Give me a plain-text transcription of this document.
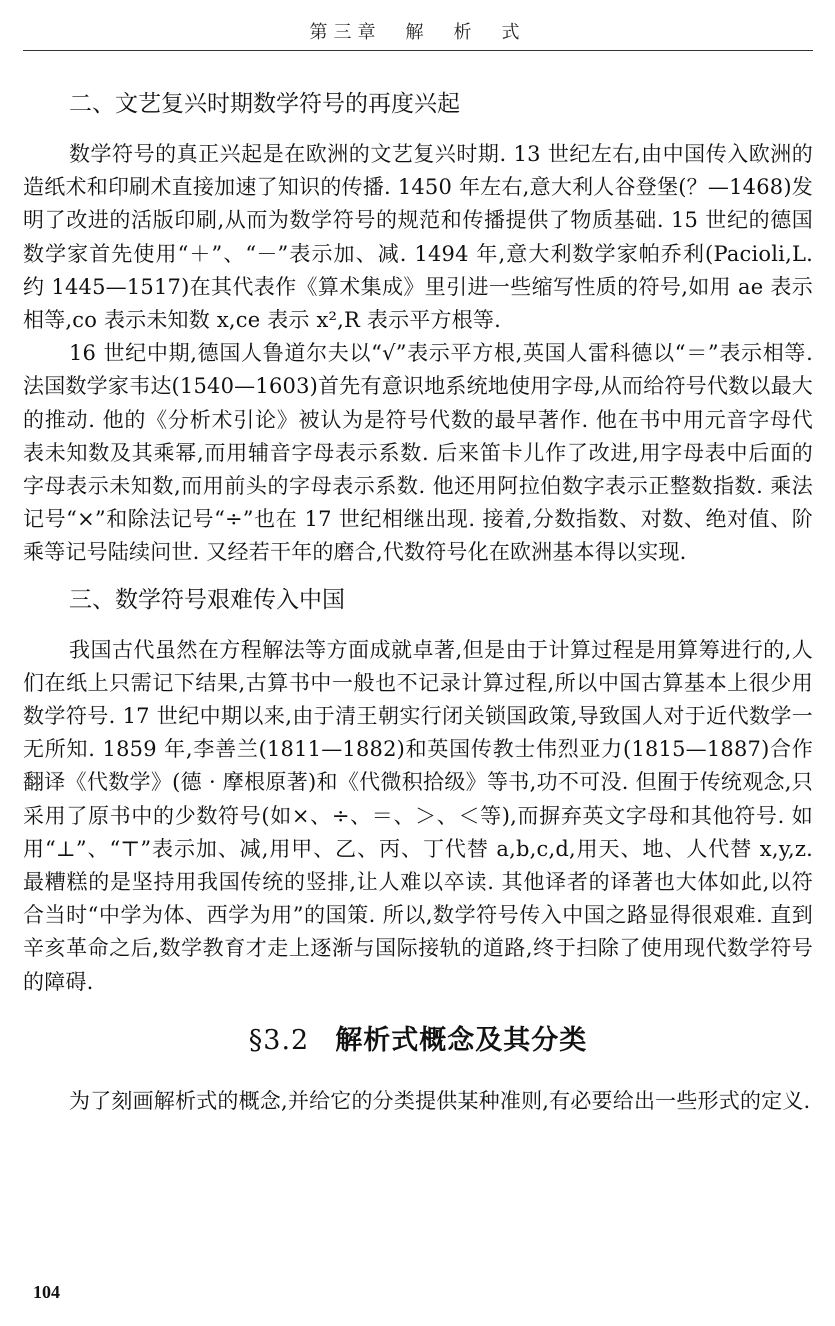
第三章　解　析　式
二、文艺复兴时期数学符号的再度兴起

数学符号的真正兴起是在欧洲的文艺复兴时期. 13 世纪左右,由中国传入欧洲的造纸术和印刷术直接加速了知识的传播. 1450 年左右,意大利人谷登堡(？—1468)发明了改进的活版印刷,从而为数学符号的规范和传播提供了物质基础. 15 世纪的德国数学家首先使用“＋”、“－”表示加、减. 1494 年,意大利数学家帕乔利(Pacioli,L. 约 1445—1517)在其代表作《算术集成》里引进一些缩写性质的符号,如用 ae 表示相等,co 表示未知数 x,ce 表示 x²,R 表示平方根等.

16 世纪中期,德国人鲁道尔夫以“√”表示平方根,英国人雷科德以“＝”表示相等. 法国数学家韦达(1540—1603)首先有意识地系统地使用字母,从而给符号代数以最大的推动. 他的《分析术引论》被认为是符号代数的最早著作. 他在书中用元音字母代表未知数及其乘幂,而用辅音字母表示系数. 后来笛卡儿作了改进,用字母表中后面的字母表示未知数,而用前头的字母表示系数. 他还用阿拉伯数字表示正整数指数. 乘法记号“×”和除法记号“÷”也在 17 世纪相继出现. 接着,分数指数、对数、绝对值、阶乘等记号陆续问世. 又经若干年的磨合,代数符号化在欧洲基本得以实现.

三、数学符号艰难传入中国

我国古代虽然在方程解法等方面成就卓著,但是由于计算过程是用算筹进行的,人们在纸上只需记下结果,古算书中一般也不记录计算过程,所以中国古算基本上很少用数学符号. 17 世纪中期以来,由于清王朝实行闭关锁国政策,导致国人对于近代数学一无所知. 1859 年,李善兰(1811—1882)和英国传教士伟烈亚力(1815—1887)合作翻译《代数学》(德 · 摩根原著)和《代微积拾级》等书,功不可没. 但囿于传统观念,只采用了原书中的少数符号(如×、÷、＝、＞、＜等),而摒弃英文字母和其他符号. 如用“⊥”、“⊤”表示加、减,用甲、乙、丙、丁代替 a,b,c,d,用天、地、人代替 x,y,z. 最糟糕的是坚持用我国传统的竖排,让人难以卒读. 其他译者的译著也大体如此,以符合当时“中学为体、西学为用”的国策. 所以,数学符号传入中国之路显得很艰难. 直到辛亥革命之后,数学教育才走上逐渐与国际接轨的道路,终于扫除了使用现代数学符号的障碍.

§3.2 解析式概念及其分类

为了刻画解析式的概念,并给它的分类提供某种准则,有必要给出一些形式的定义.

104
